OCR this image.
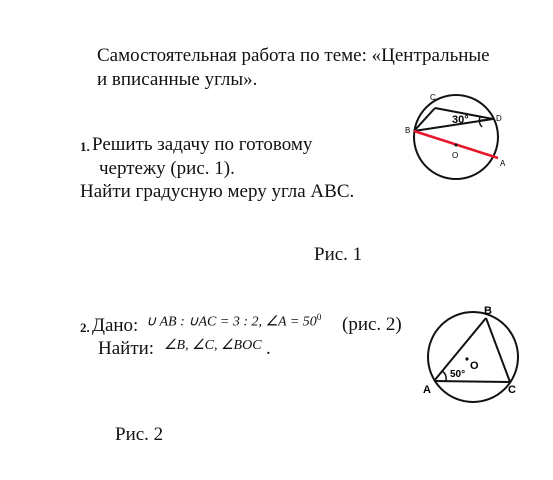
Самостоятельная работа по теме: «Центральные
и вписанные углы».
1. Решить задачу по готовому
чертежу (рис. 1).
Найти градусную меру угла АВС.
30°
C
D
B
O
A
Рис. 1
2. Дано: ∪ AB : ∪AC = 3 : 2, ∠A = $50^0$ (рис. 2)
Найти: ∠B, ∠C, ∠BOC .
50°
O
B
A	C
Рис. 2
